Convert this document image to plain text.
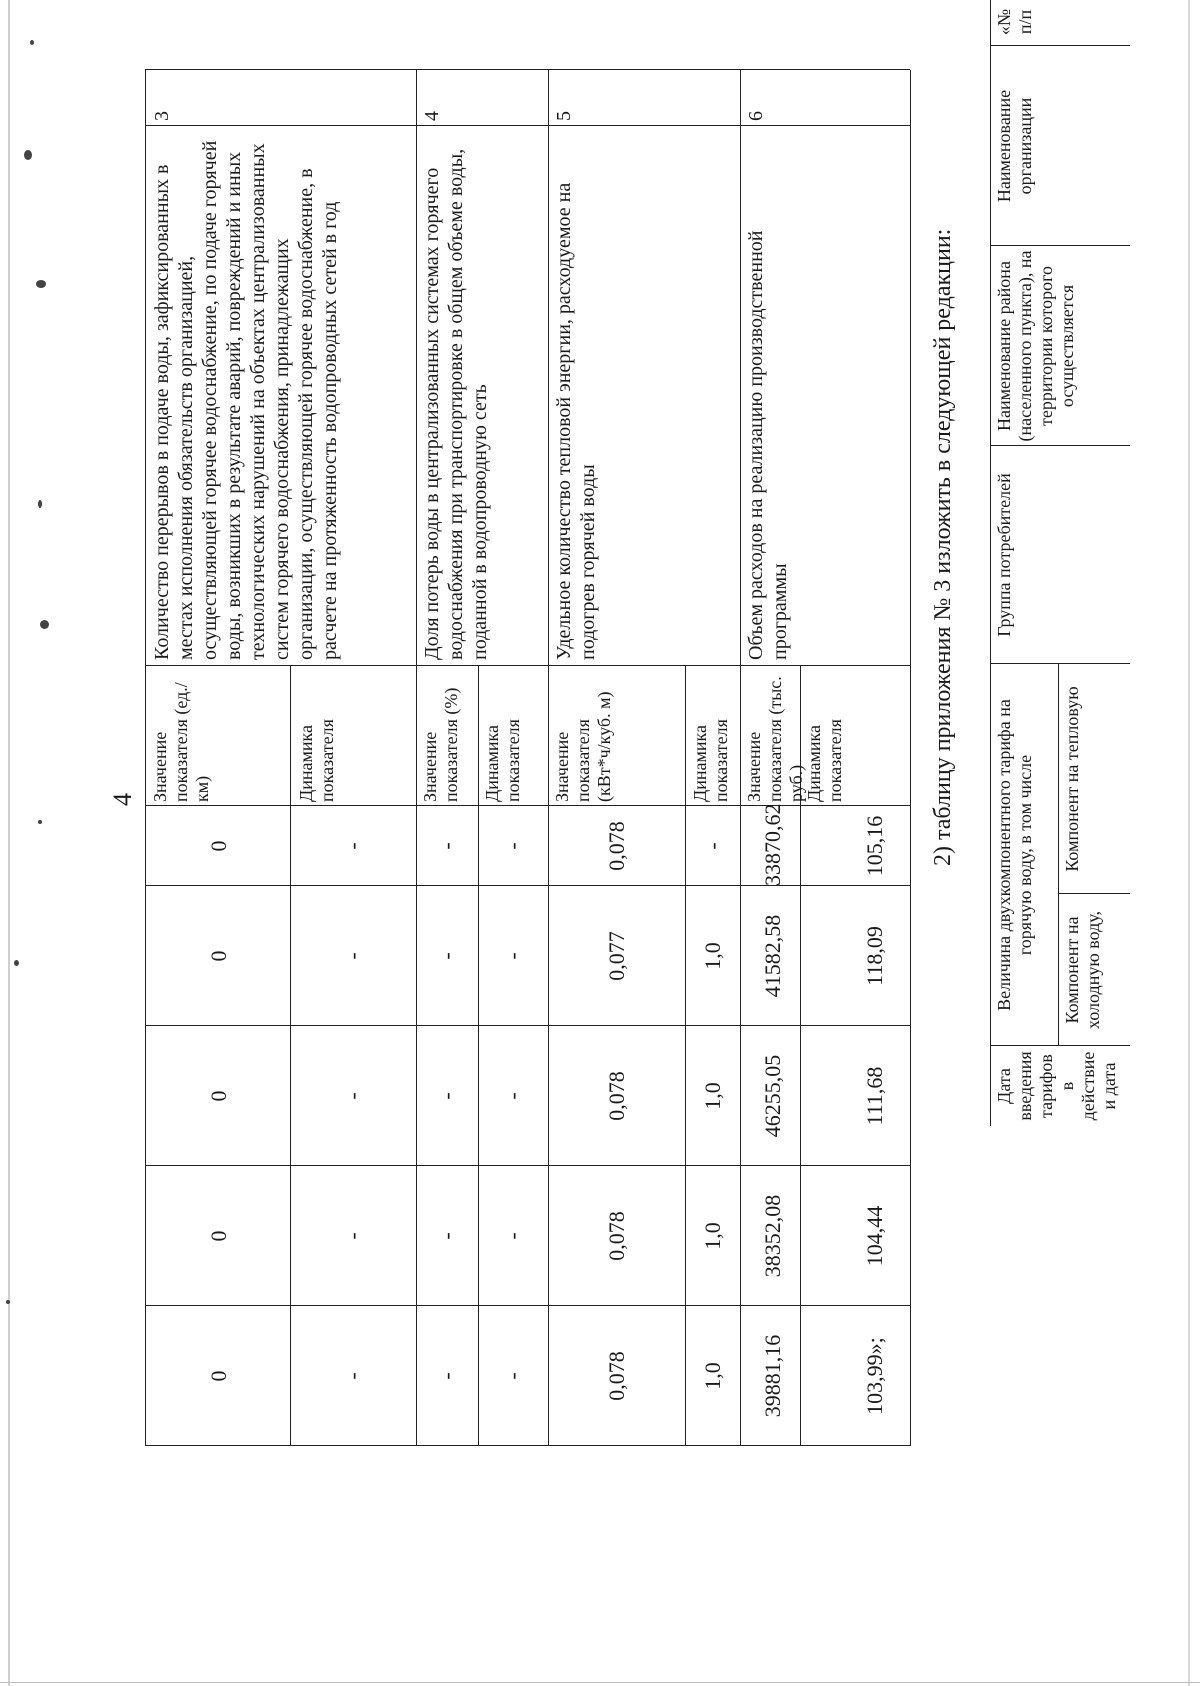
4
3
Количество перерывов в подаче воды, зафиксированных в местах исполнения обязательств организацией, осуществляющей горячее водоснабжение, по подаче горячей воды, возникших в результате аварий, повреждений и иных технологических нарушений на объектах централизованных систем горячего водоснабжения, принадлежащих организации, осуществляющей горячее водоснабжение, в расчете на протяженность водопроводных сетей в год
Значение показателя (ед./км)	Динамика показателя
0
0
0
0
0
-
-
-
-
-
4
Доля потерь воды в централизованных системах горячего водоснабжения при транспортировке в общем объеме воды, поданной в водопроводную сеть
Значение показателя (%) Динамика показателя
-
-
-
-
-
-
-
-
-
-
5
Удельное количество тепловой энергии, расходуемое на подогрев горячей воды
Значение показателя (кВт*ч/куб. м)	Динамика показателя
0,078
0,077
0,078
0,078
0,078
-
1,0
1,0
1,0
1,0
6
Объем расходов на реализацию производственной программы
Значение показателя (тыс. руб.)
Динамика показателя
33870,62
41582,58
46255,05
38352,08
39881,16
105,16
118,09
111,68
104,44
103,99»;
2) таблицу приложения № 3 изложить в следующей редакции:
«№ п/п
Наименование организации
Наименование района (населенного пункта), на территории которого осуществляется
Группа потребителей
Величина двухкомпонентного тарифа на горячую воду, в том числе Компонент на тепловую
Компонент на холодную воду,
Дата введения тарифов в действие и дата
